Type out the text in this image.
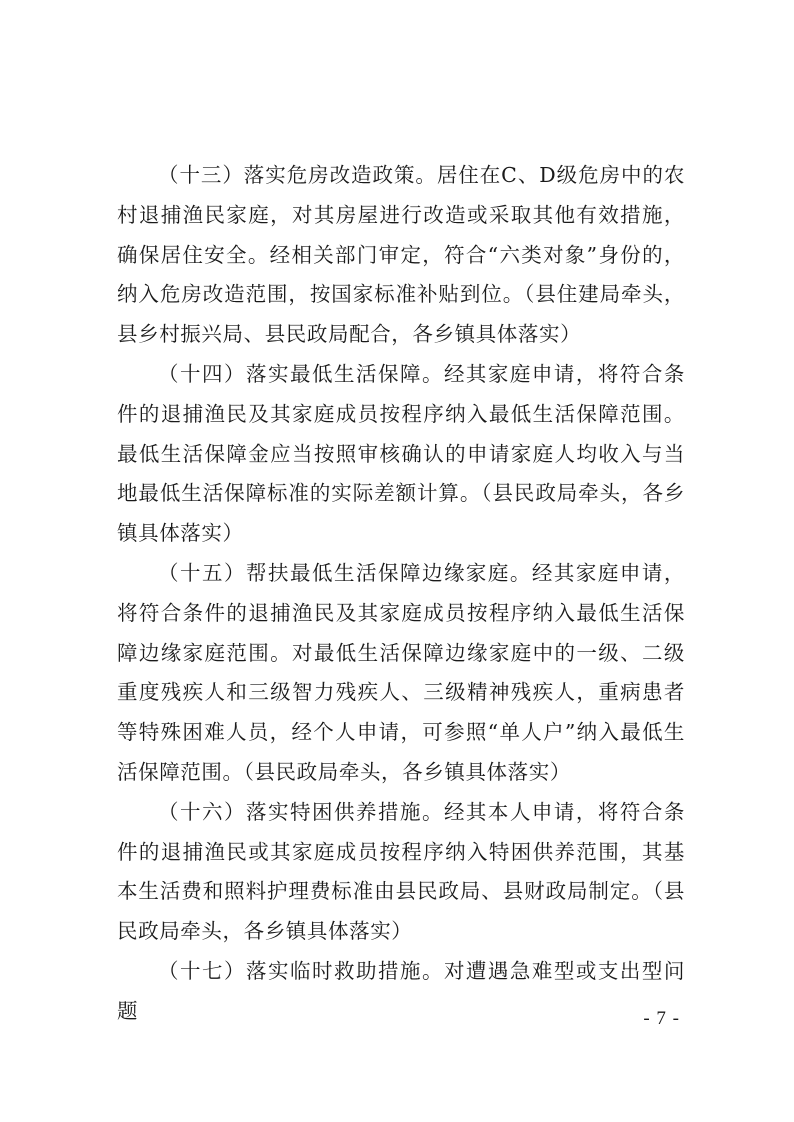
（十三）落实危房改造政策。居住在C、D级危房中的农村退捕渔民家庭，对其房屋进行改造或采取其他有效措施，确保居住安全。经相关部门审定，符合“六类对象”身份的，纳入危房改造范围，按国家标准补贴到位。（县住建局牵头，县乡村振兴局、县民政局配合，各乡镇具体落实）

（十四）落实最低生活保障。经其家庭申请，将符合条件的退捕渔民及其家庭成员按程序纳入最低生活保障范围。最低生活保障金应当按照审核确认的申请家庭人均收入与当地最低生活保障标准的实际差额计算。（县民政局牵头，各乡镇具体落实）

（十五）帮扶最低生活保障边缘家庭。经其家庭申请，将符合条件的退捕渔民及其家庭成员按程序纳入最低生活保障边缘家庭范围。对最低生活保障边缘家庭中的一级、二级重度残疾人和三级智力残疾人、三级精神残疾人，重病患者等特殊困难人员，经个人申请，可参照“单人户”纳入最低生活保障范围。（县民政局牵头，各乡镇具体落实）

（十六）落实特困供养措施。经其本人申请，将符合条件的退捕渔民或其家庭成员按程序纳入特困供养范围，其基本生活费和照料护理费标准由县民政局、县财政局制定。（县民政局牵头，各乡镇具体落实）

（十七）落实临时救助措施。对遭遇急难型或支出型问题	- 7 -
